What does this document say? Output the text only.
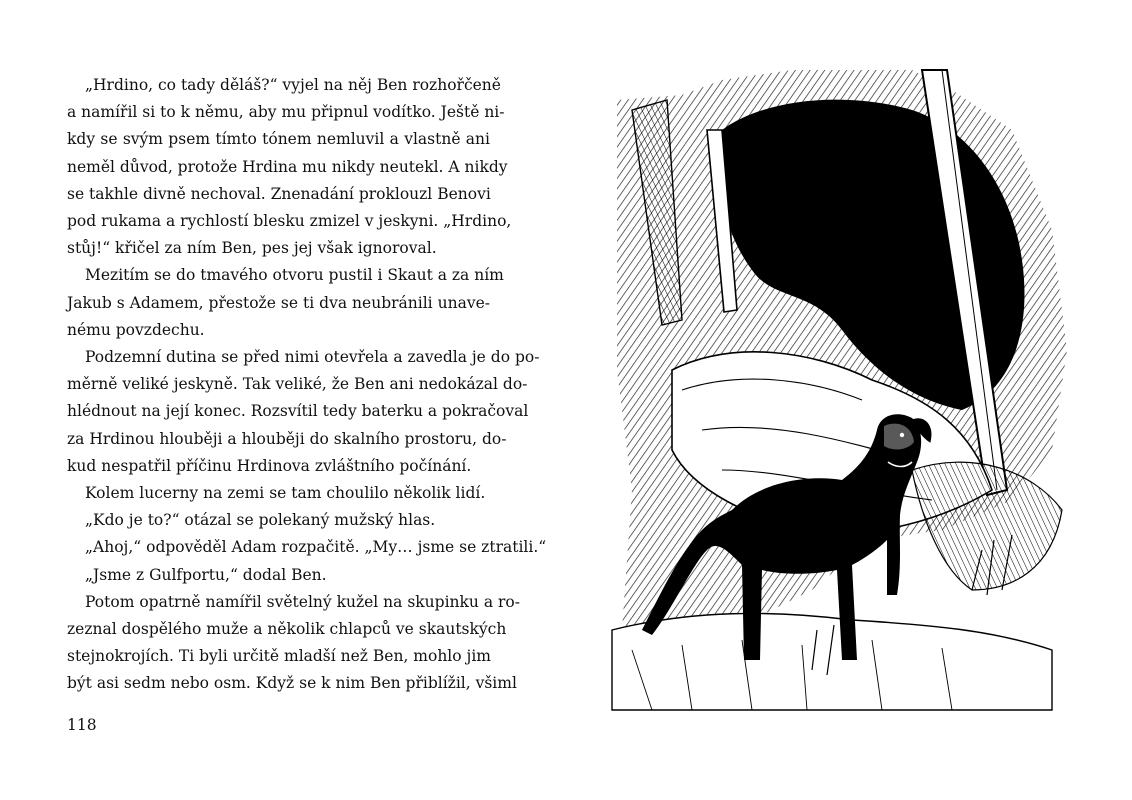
„Hrdino, co tady děláš?“ vyjel na něj Ben rozhořčeně
a namířil si to k němu, aby mu připnul vodítko. Ještě ni-
kdy se svým psem tímto tónem nemluvil a vlastně ani
neměl důvod, protože Hrdina mu nikdy neutekl. A nikdy
se takhle divně nechoval. Znenadání proklouzl Benovi
pod rukama a rychlostí blesku zmizel v jeskyni. „Hrdino,
stůj!“ křičel za ním Ben, pes jej však ignoroval.
Mezitím se do tmavého otvoru pustil i Skaut a za ním
Jakub s Adamem, přestože se ti dva neubránili unave-
nému povzdechu.
Podzemní dutina se před nimi otevřela a zavedla je do po-
měrně veliké jeskyně. Tak veliké, že Ben ani nedokázal do-
hlédnout na její konec. Rozsvítil tedy baterku a pokračoval
za Hrdinou hlouběji a hlouběji do skalního prostoru, do-
kud nespatřil příčinu Hrdinova zvláštního počínání.
Kolem lucerny na zemi se tam choulilo několik lidí.
„Kdo je to?“ otázal se polekaný mužský hlas.
„Ahoj,“ odpověděl Adam rozpačitě. „My… jsme se ztratili.“
„Jsme z Gulfportu,“ dodal Ben.
Potom opatrně namířil světelný kužel na skupinku a ro-
zeznal dospělého muže a několik chlapců ve skautských
stejnokrojích. Ti byli určitě mladší než Ben, mohlo jim
být asi sedm nebo osm. Když se k nim Ben přiblížil, všiml
118
